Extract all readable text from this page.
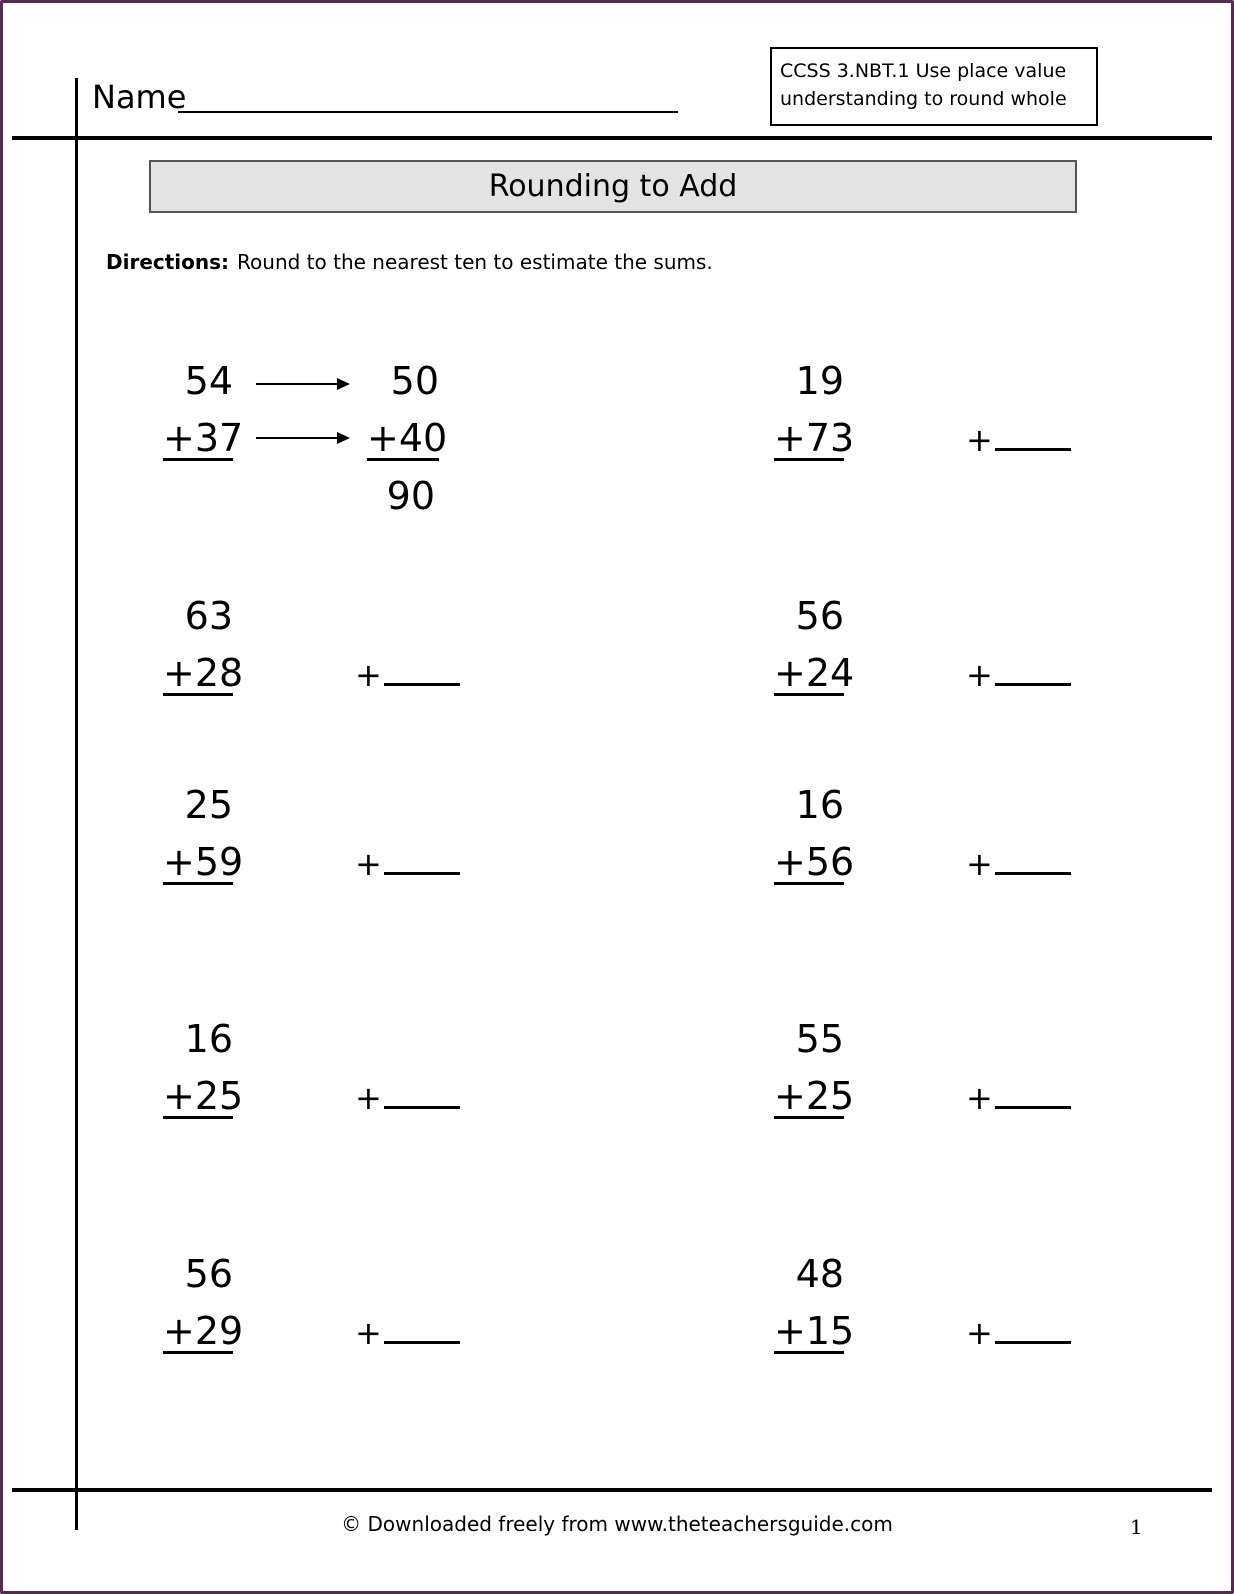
Name
CCSS 3.NBT.1 Use place value
understanding to round whole
Rounding to Add
Directions: Round to the nearest ten to estimate the sums.
54
+37
50
+40
90
19
+73	+
63
+28	+
56
+24	+
25
+59	+
16
+56	+
16
+25	+
55
+25	+
56
+29	+
48
+15	+
© Downloaded freely from www.theteachersguide.com	1
